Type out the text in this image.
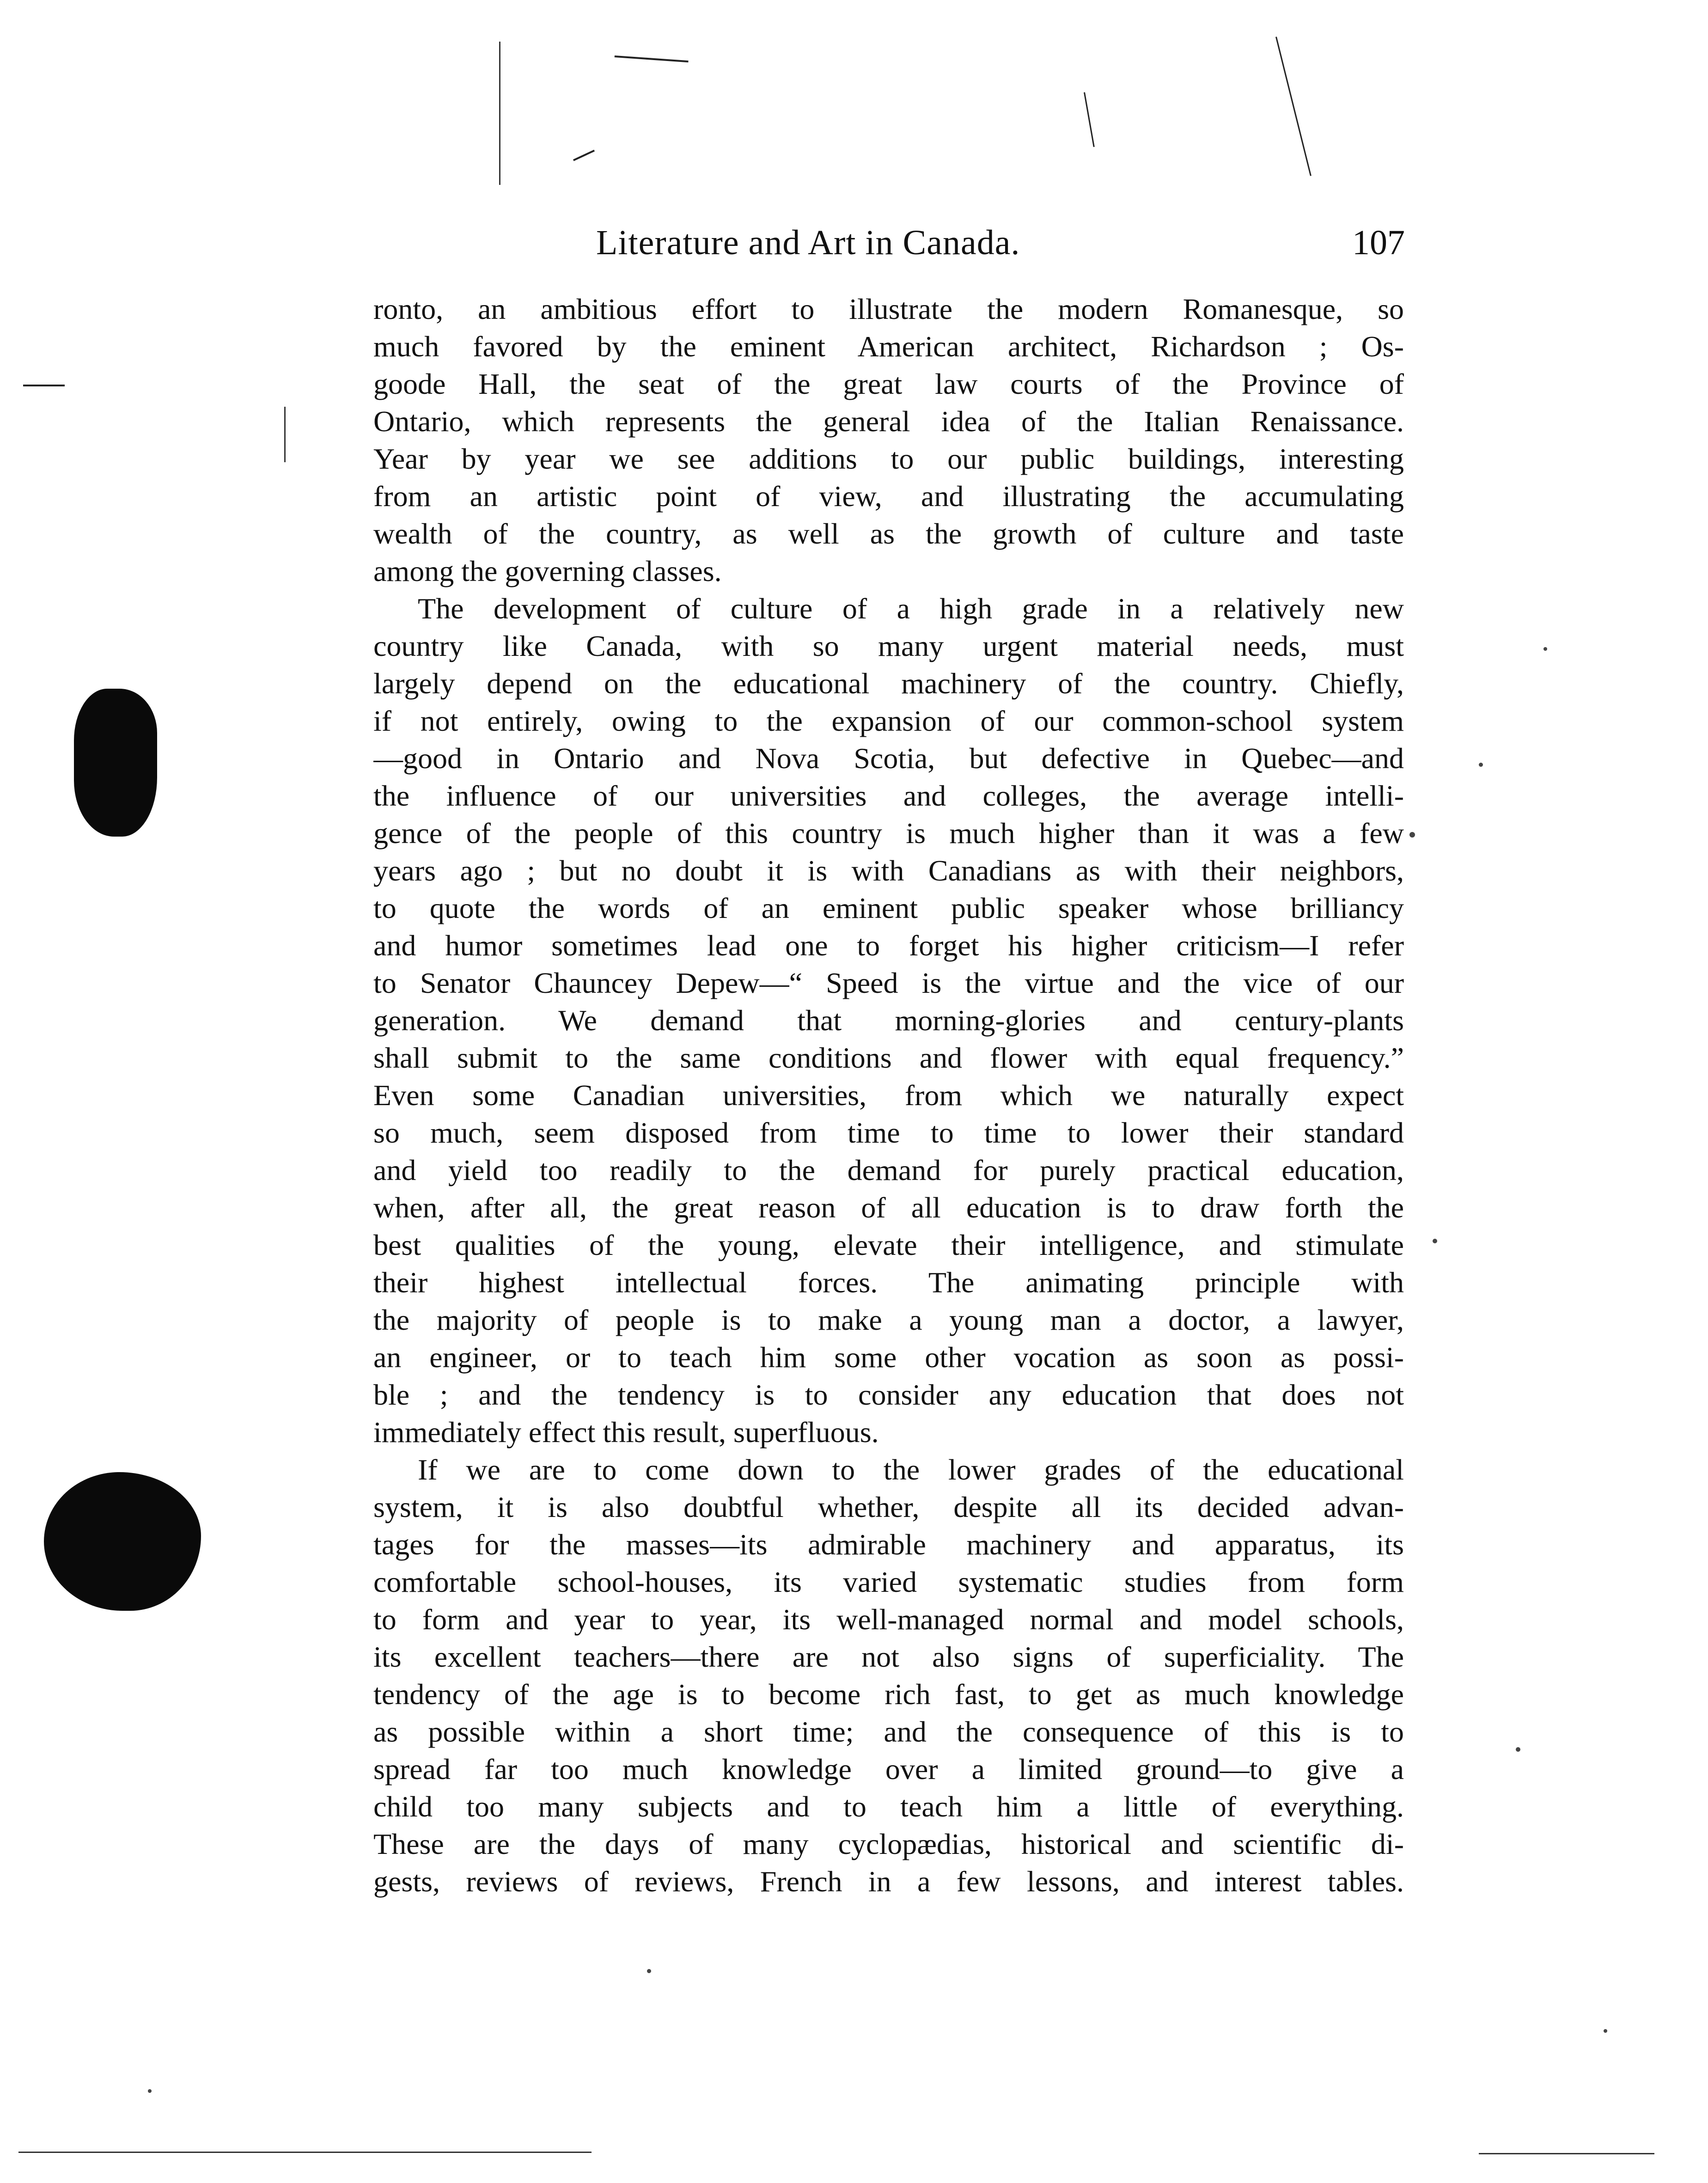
Literature and Art in Canada.	107
ronto, an ambitious effort to illustrate the modern Romanesque, so
much favored by the eminent American architect, Richardson ; Os-
goode Hall, the seat of the great law courts of the Province of
Ontario, which represents the general idea of the Italian Renaissance.
Year by year we see additions to our public buildings, interesting
from an artistic point of view, and illustrating the accumulating
wealth of the country, as well as the growth of culture and taste
among the governing classes.
The development of culture of a high grade in a relatively new
country like Canada, with so many urgent material needs, must
largely depend on the educational machinery of the country. Chiefly,
if not entirely, owing to the expansion of our common-school system
—good in Ontario and Nova Scotia, but defective in Quebec—and
the influence of our universities and colleges, the average intelli-
gence of the people of this country is much higher than it was a few
years ago ; but no doubt it is with Canadians as with their neighbors,
to quote the words of an eminent public speaker whose brilliancy
and humor sometimes lead one to forget his higher criticism—I refer
to Senator Chauncey Depew—“ Speed is the virtue and the vice of our
generation. We demand that morning-glories and century-plants
shall submit to the same conditions and flower with equal frequency.”
Even some Canadian universities, from which we naturally expect
so much, seem disposed from time to time to lower their standard
and yield too readily to the demand for purely practical education,
when, after all, the great reason of all education is to draw forth the
best qualities of the young, elevate their intelligence, and stimulate
their highest intellectual forces. The animating principle with
the majority of people is to make a young man a doctor, a lawyer,
an engineer, or to teach him some other vocation as soon as possi-
ble ; and the tendency is to consider any education that does not
immediately effect this result, superfluous.
If we are to come down to the lower grades of the educational
system, it is also doubtful whether, despite all its decided advan-
tages for the masses—its admirable machinery and apparatus, its
comfortable school-houses, its varied systematic studies from form
to form and year to year, its well-managed normal and model schools,
its excellent teachers—there are not also signs of superficiality. The
tendency of the age is to become rich fast, to get as much knowledge
as possible within a short time; and the consequence of this is to
spread far too much knowledge over a limited ground—to give a
child too many subjects and to teach him a little of everything.
These are the days of many cyclopædias, historical and scientific di-
gests, reviews of reviews, French in a few lessons, and interest tables.
